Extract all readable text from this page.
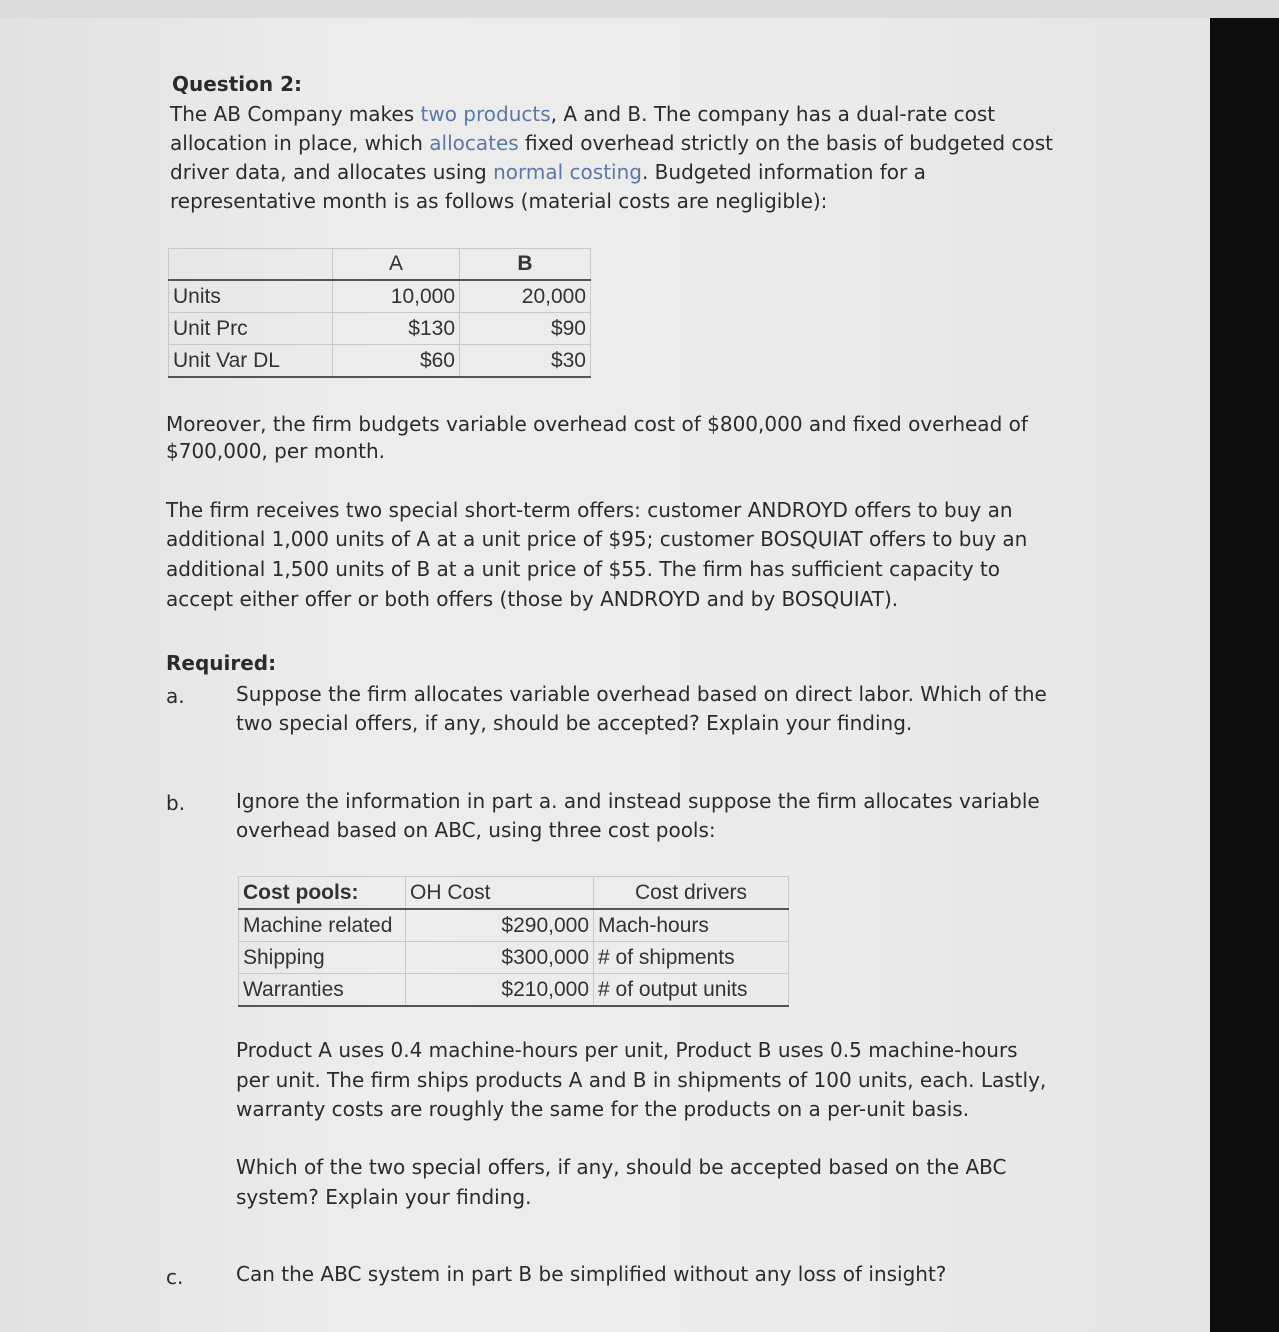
Question 2:
The AB Company makes two products, A and B. The company has a dual-rate cost
allocation in place, which allocates fixed overhead strictly on the basis of budgeted cost
driver data, and allocates using normal costing. Budgeted information for a
representative month is as follows (material costs are negligible):
	A	B
Units	10,000	20,000
Unit Prc	$130	$90
Unit Var DL	$60	$30
Moreover, the firm budgets variable overhead cost of $800,000 and fixed overhead of
$700,000, per month.
The firm receives two special short-term offers: customer ANDROYD offers to buy an
additional 1,000 units of A at a unit price of $95; customer BOSQUIAT offers to buy an
additional 1,500 units of B at a unit price of $55. The firm has sufficient capacity to
accept either offer or both offers (those by ANDROYD and by BOSQUIAT).
Required:
a.	Suppose the firm allocates variable overhead based on direct labor. Which of the
two special offers, if any, should be accepted? Explain your finding.
b.	Ignore the information in part a. and instead suppose the firm allocates variable
overhead based on ABC, using three cost pools:
Cost pools:	OH Cost	Cost drivers
Machine related	$290,000	Mach-hours
Shipping	$300,000	# of shipments
Warranties	$210,000	# of output units
Product A uses 0.4 machine-hours per unit, Product B uses 0.5 machine-hours
per unit. The firm ships products A and B in shipments of 100 units, each. Lastly,
warranty costs are roughly the same for the products on a per-unit basis.
Which of the two special offers, if any, should be accepted based on the ABC
system? Explain your finding.
c.	Can the ABC system in part B be simplified without any loss of insight?
